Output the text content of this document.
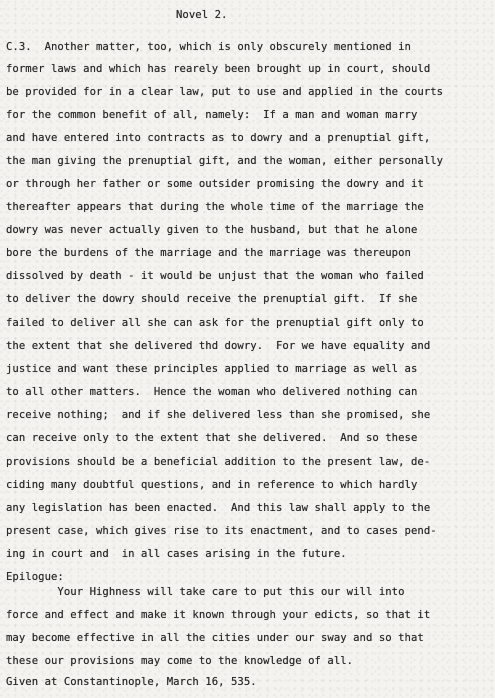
Novel 2.
C.3.  Another matter, too, which is only obscurely mentioned in
former laws and which has rearely been brought up in court, should
be provided for in a clear law, put to use and applied in the courts
for the common benefit of all, namely:  If a man and woman marry
and have entered into contracts as to dowry and a prenuptial gift,
the man giving the prenuptial gift, and the woman, either personally
or through her father or some outsider promising the dowry and it
thereafter appears that during the whole time of the marriage the
dowry was never actually given to the husband, but that he alone
bore the burdens of the marriage and the marriage was thereupon
dissolved by death - it would be unjust that the woman who failed
to deliver the dowry should receive the prenuptial gift.  If she
failed to deliver all she can ask for the prenuptial gift only to
the extent that she delivered thd dowry.  For we have equality and
justice and want these principles applied to marriage as well as
to all other matters.  Hence the woman who delivered nothing can
receive nothing;  and if she delivered less than she promised, she
can receive only to the extent that she delivered.  And so these
provisions should be a beneficial addition to the present law, de-
ciding many doubtful questions, and in reference to which hardly
any legislation has been enacted.  And this law shall apply to the
present case, which gives rise to its enactment, and to cases pend-
ing in court and  in all cases arising in the future.
Epilogue:
Your Highness will take care to put this our will into
force and effect and make it known through your edicts, so that it
may become effective in all the cities under our sway and so that
these our provisions may come to the knowledge of all.
Given at Constantinople, March 16, 535.
